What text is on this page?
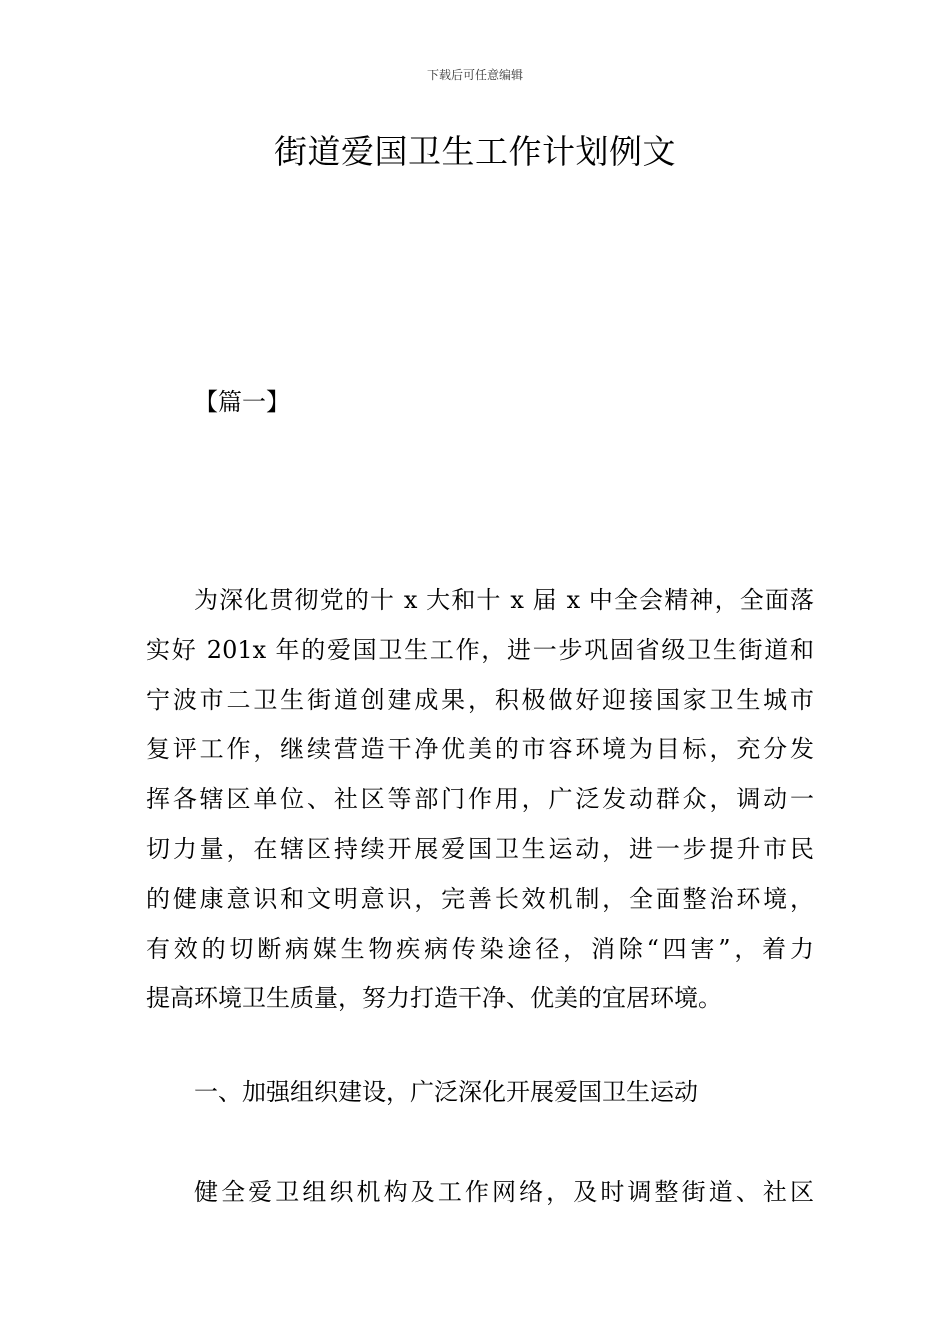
下载后可任意编辑
街道爱国卫生工作计划例文
【篇一】
为深化贯彻党的十 x 大和十 x 届 x 中全会精神，全面落
实好 201x 年的爱国卫生工作，进一步巩固省级卫生街道和
宁波市二卫生街道创建成果，积极做好迎接国家卫生城市
复评工作，继续营造干净优美的市容环境为目标，充分发
挥各辖区单位、社区等部门作用，广泛发动群众，调动一
切力量，在辖区持续开展爱国卫生运动，进一步提升市民
的健康意识和文明意识，完善长效机制，全面整治环境，
有效的切断病媒生物疾病传染途径，消除“四害”，着力
提高环境卫生质量，努力打造干净、优美的宜居环境。
一、加强组织建设，广泛深化开展爱国卫生运动
健全爱卫组织机构及工作网络，及时调整街道、社区
